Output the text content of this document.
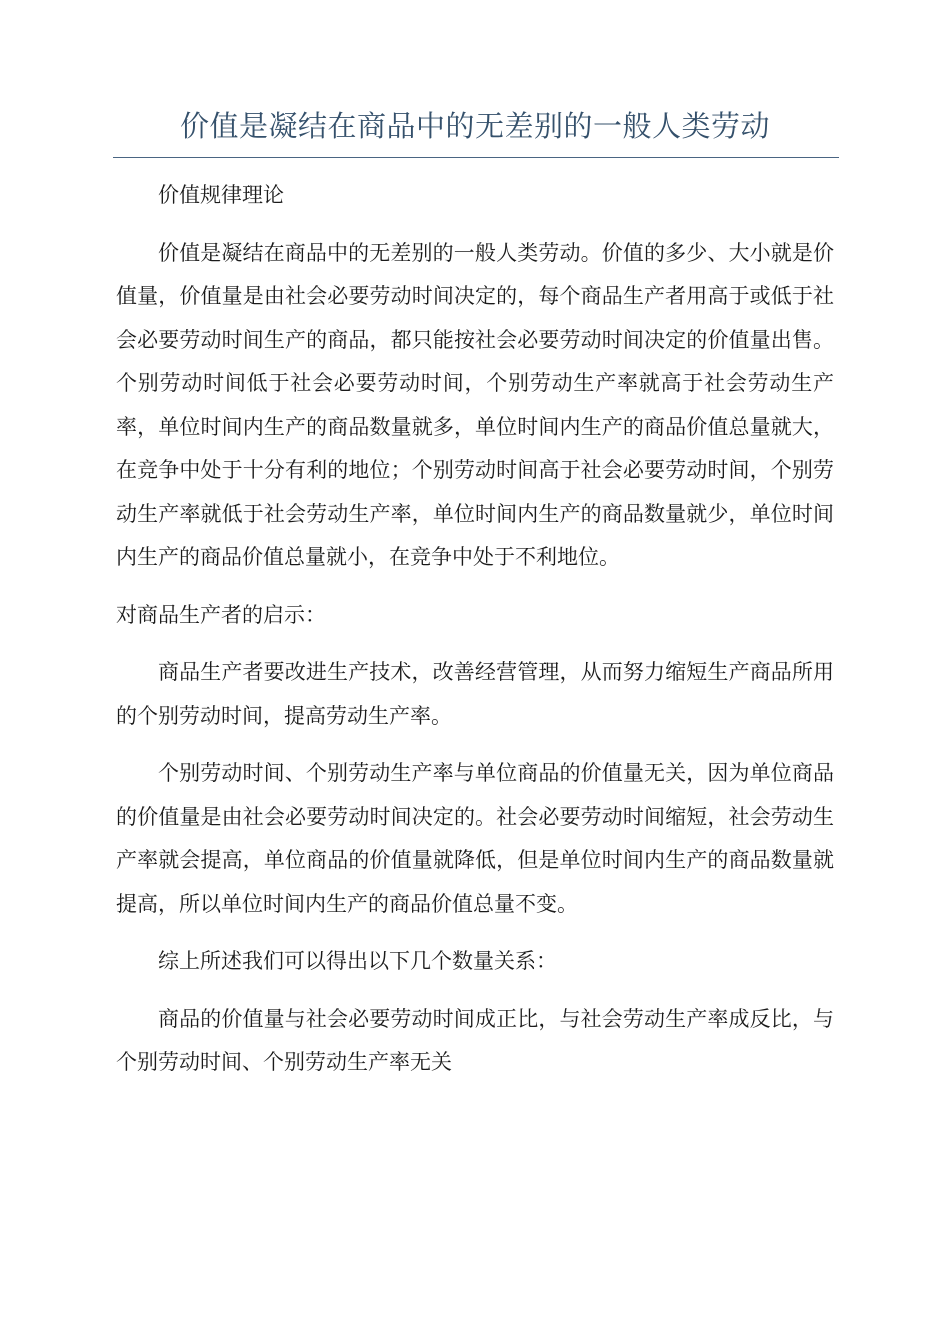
价值是凝结在商品中的无差别的一般人类劳动

价值规律理论

价值是凝结在商品中的无差别的一般人类劳动。价值的多少、大小就是价值量，价值量是由社会必要劳动时间决定的，每个商品生产者用高于或低于社会必要劳动时间生产的商品，都只能按社会必要劳动时间决定的价值量出售。个别劳动时间低于社会必要劳动时间，个别劳动生产率就高于社会劳动生产率，单位时间内生产的商品数量就多，单位时间内生产的商品价值总量就大，在竞争中处于十分有利的地位；个别劳动时间高于社会必要劳动时间，个别劳动生产率就低于社会劳动生产率，单位时间内生产的商品数量就少，单位时间内生产的商品价值总量就小，在竞争中处于不利地位。

对商品生产者的启示：

商品生产者要改进生产技术，改善经营管理，从而努力缩短生产商品所用的个别劳动时间，提高劳动生产率。

个别劳动时间、个别劳动生产率与单位商品的价值量无关，因为单位商品的价值量是由社会必要劳动时间决定的。社会必要劳动时间缩短，社会劳动生产率就会提高，单位商品的价值量就降低，但是单位时间内生产的商品数量就提高，所以单位时间内生产的商品价值总量不变。

综上所述我们可以得出以下几个数量关系：

商品的价值量与社会必要劳动时间成正比，与社会劳动生产率成反比，与个别劳动时间、个别劳动生产率无关
